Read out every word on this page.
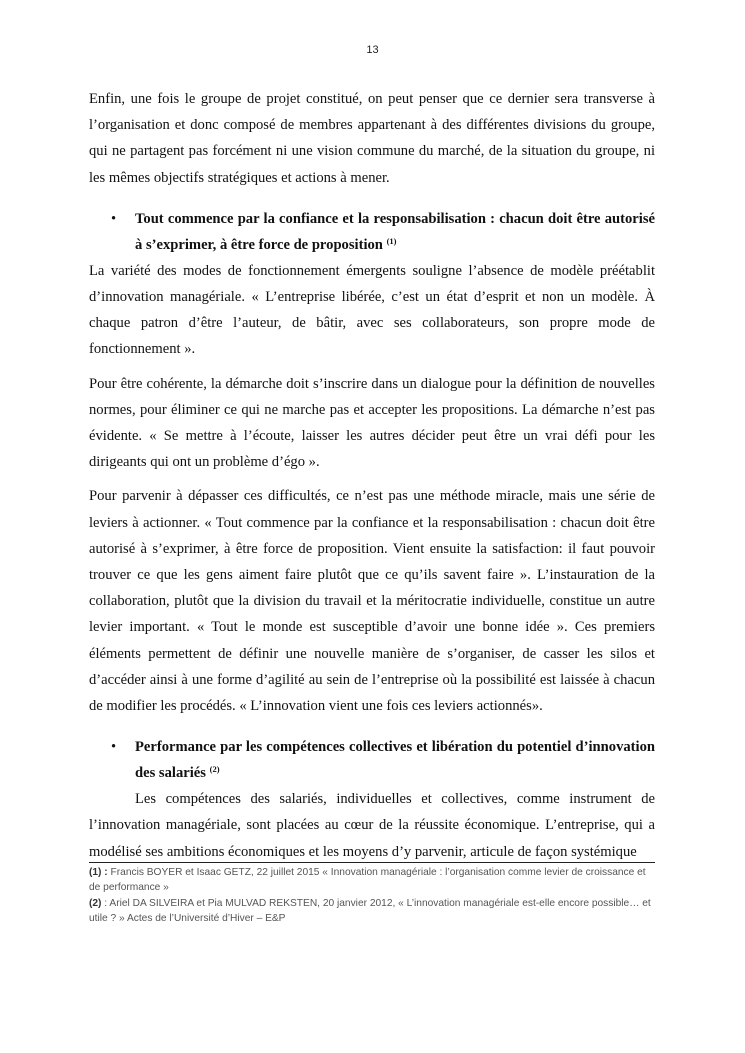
13

Enfin, une fois le groupe de projet constitué, on peut penser que ce dernier sera transverse à l’organisation et donc composé de membres appartenant à des différentes divisions du groupe, qui ne partagent pas forcément ni une vision commune du marché, de la situation du groupe, ni les mêmes objectifs stratégiques et actions à mener.

• Tout commence par la confiance et la responsabilisation : chacun doit être autorisé à s’exprimer, à être force de proposition $^{(1)}$

La variété des modes de fonctionnement émergents souligne l’absence de modèle préétablit d’innovation managériale. « L’entreprise libérée, c’est un état d’esprit et non un modèle. À chaque patron d’être l’auteur, de bâtir, avec ses collaborateurs, son propre mode de fonctionnement ».

Pour être cohérente, la démarche doit s’inscrire dans un dialogue pour la définition de nouvelles normes, pour éliminer ce qui ne marche pas et accepter les propositions. La démarche n’est pas évidente. « Se mettre à l’écoute, laisser les autres décider peut être un vrai défi pour les dirigeants qui ont un problème d’égo ».

Pour parvenir à dépasser ces difficultés, ce n’est pas une méthode miracle, mais une série de leviers à actionner. « Tout commence par la confiance et la responsabilisation : chacun doit être autorisé à s’exprimer, à être force de proposition. Vient ensuite la satisfaction: il faut pouvoir trouver ce que les gens aiment faire plutôt que ce qu’ils savent faire ». L’instauration de la collaboration, plutôt que la division du travail et la méritocratie individuelle, constitue un autre levier important. « Tout le monde est susceptible d’avoir une bonne idée ». Ces premiers éléments permettent de définir une nouvelle manière de s’organiser, de casser les silos et d’accéder ainsi à une forme d’agilité au sein de l’entreprise où la possibilité est laissée à chacun de modifier les procédés. « L’innovation vient une fois ces leviers actionnés».

• Performance par les compétences collectives et libération du potentiel d’innovation des salariés $^{(2)}$

Les compétences des salariés, individuelles et collectives, comme instrument de l’innovation managériale, sont placées au cœur de la réussite économique. L’entreprise, qui a modélisé ses ambitions économiques et les moyens d’y parvenir, articule de façon systémique

(1) : Francis BOYER et Isaac GETZ, 22 juillet 2015 « Innovation managériale : l’organisation comme levier de croissance et de performance »
(2) : Ariel DA SILVEIRA et Pia MULVAD REKSTEN, 20 janvier 2012, « L’innovation managériale est-elle encore possible… et utile ? » Actes de l’Université d’Hiver – E&P
